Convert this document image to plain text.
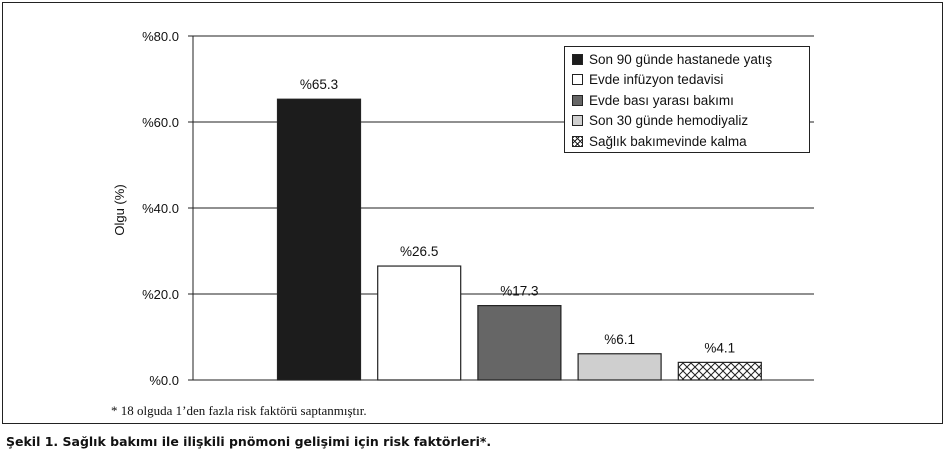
%0.0
%20.0
%40.0
%60.0
%80.0
Olgu (%)
%65.3
%26.5
%17.3
%6.1
%4.1
Son 90 günde hastanede yatış
Evde infüzyon tedavisi
Evde bası yarası bakımı
Son 30 günde hemodiyaliz
Sağlık bakımevinde kalma
* 18 olguda 1’den fazla risk faktörü saptanmıştır.
Şekil 1. Sağlık bakımı ile ilişkili pnömoni gelişimi için risk faktörleri*.
